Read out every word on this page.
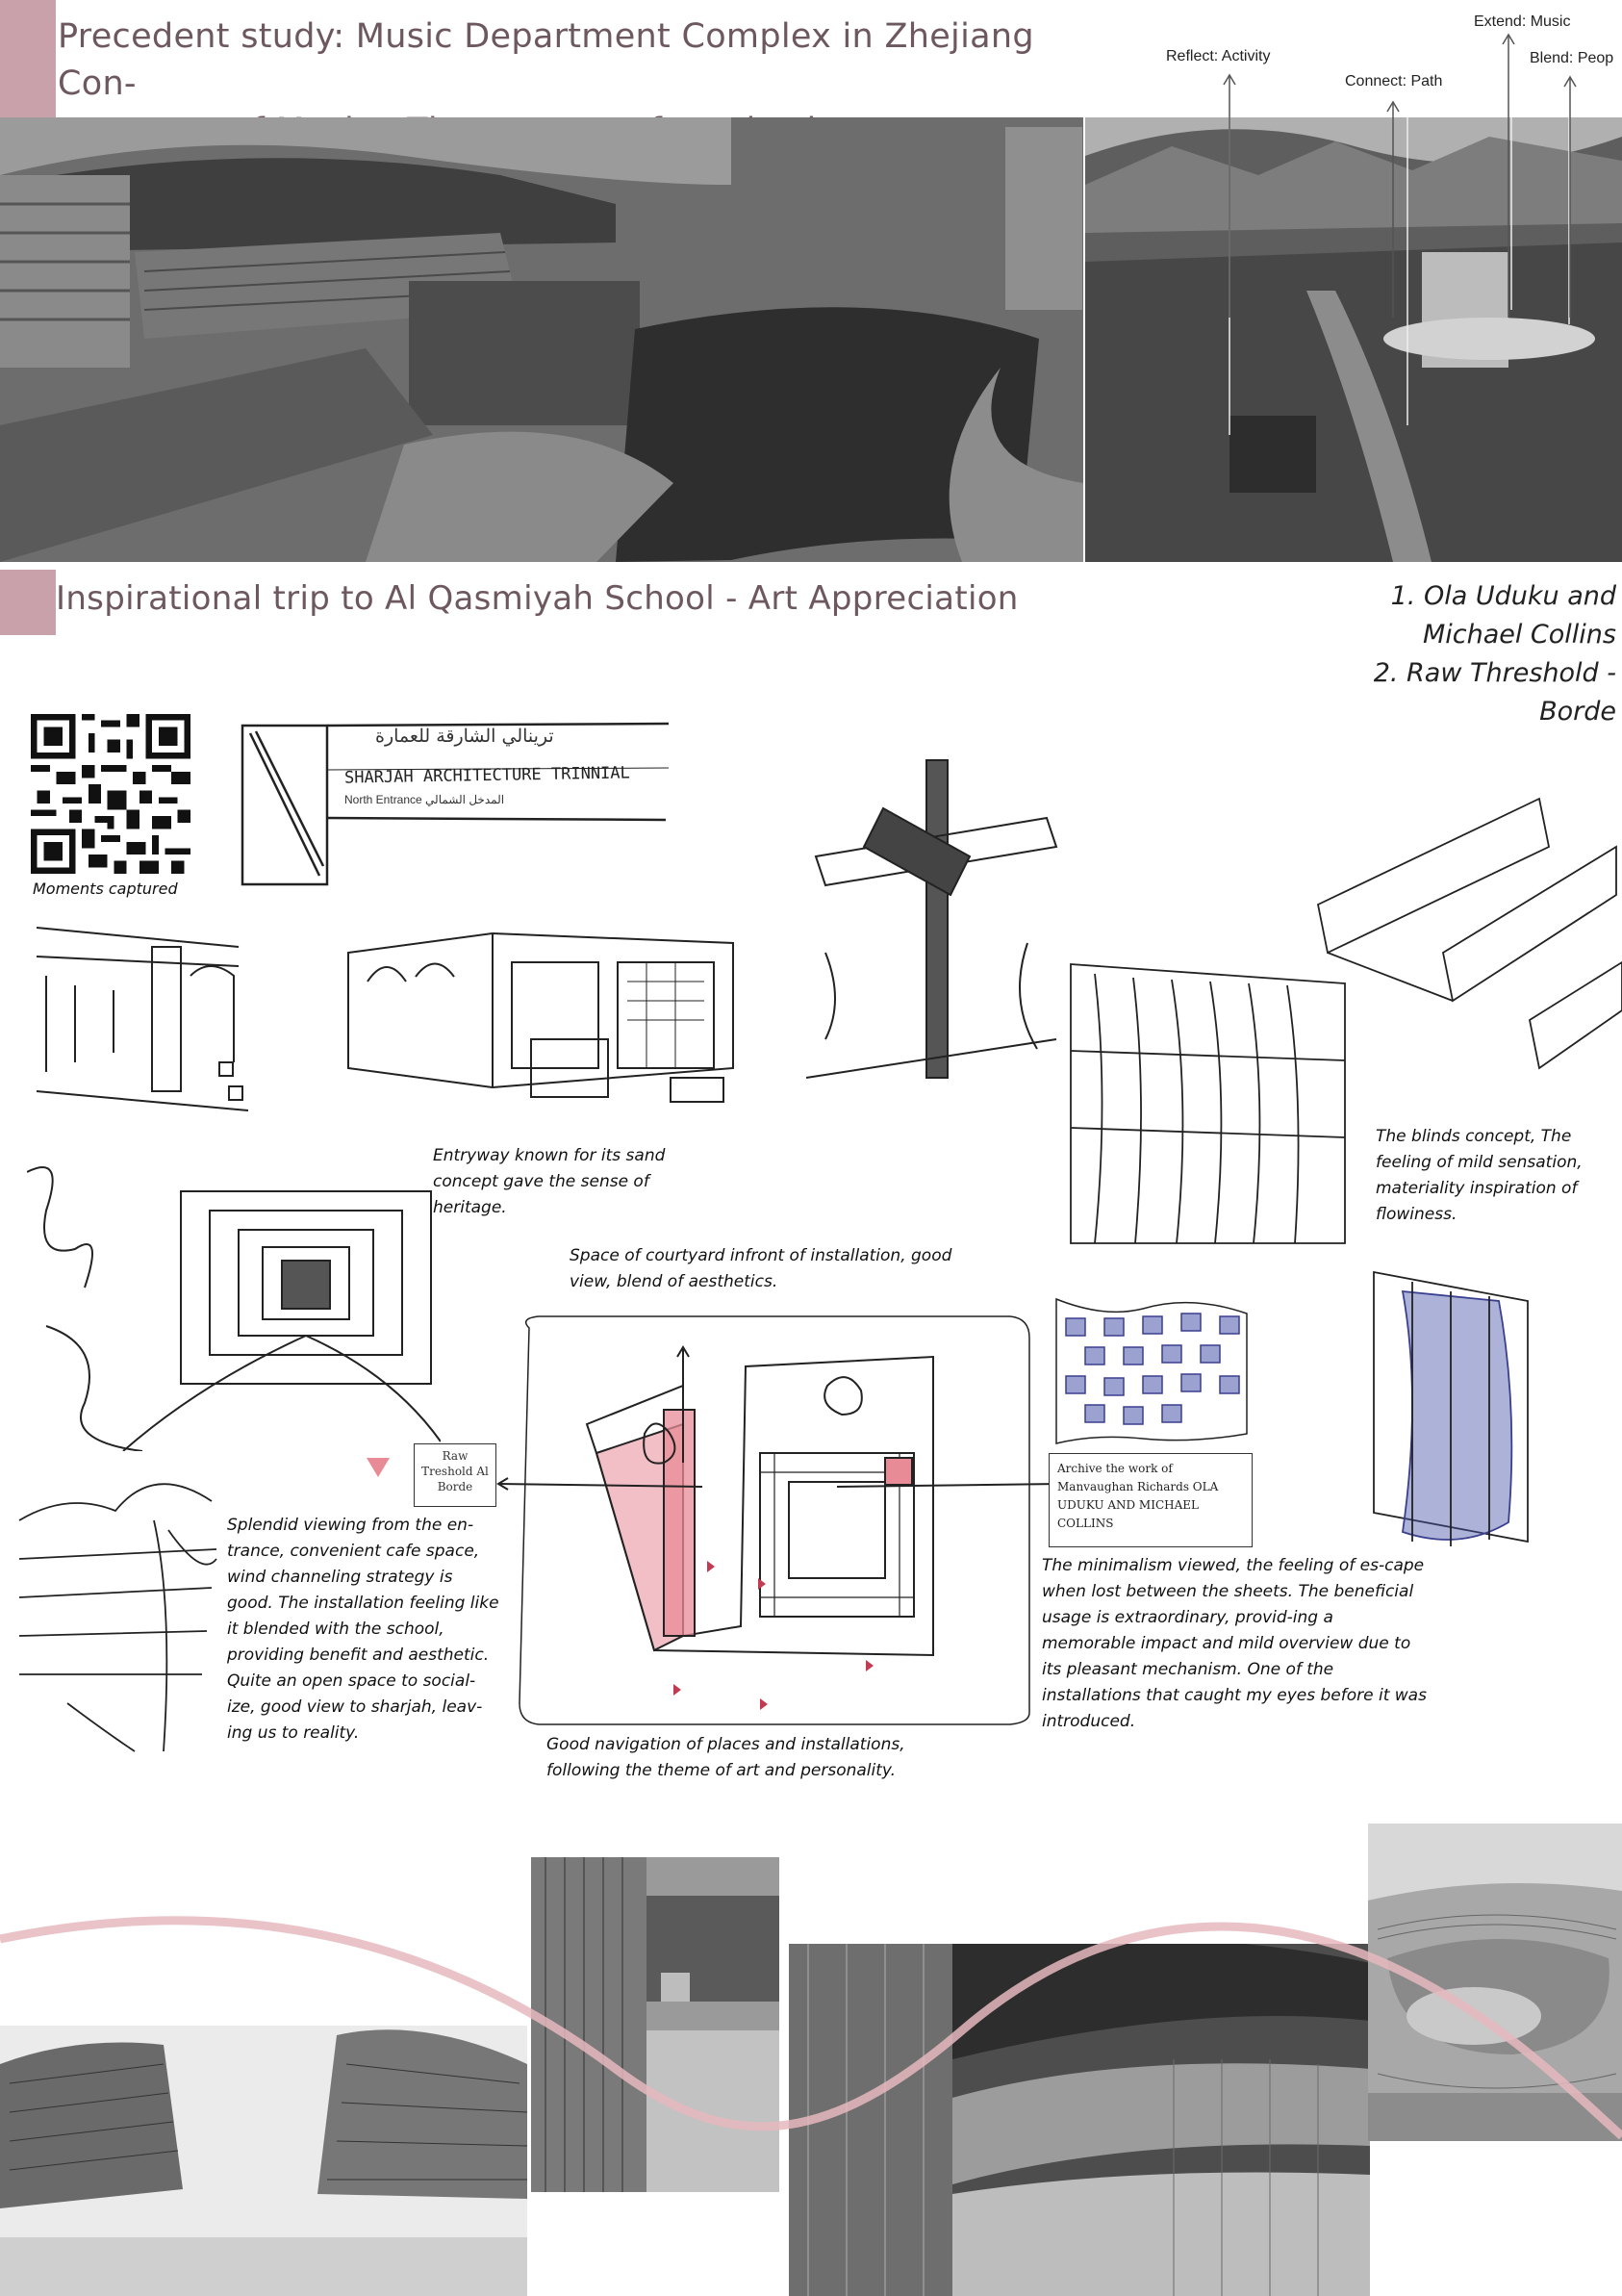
Precedent study: Music Department Complex in Zhejiang Con-
Reflect: Activity
Connect: Path
Extend: Music
Blend: Peop
Inspirational trip to Al Qasmiyah School - Art Appreciation	1. Ola Uduku and
Michael Collins
2. Raw Threshold -
Borde
Moments captured
ترينالي الشارقة للعمارة
SHARJAH ARCHITECTURE TRINNIAL
North Entrance المدخل الشمالي
Entryway known for its sand concept gave the sense of heritage.
The blinds concept, The feeling of mild sensation, materiality inspiration of flowiness.
Raw Treshold Al Borde
Splendid viewing from the en-trance, convenient cafe space, wind channeling strategy is good. The installation feeling like it blended with the school, providing benefit and aesthetic. Quite an open space to social-ize, good view to sharjah, leav-ing us to reality.
Space of courtyard infront of installation, good view, blend of aesthetics.
Good navigation of places and installations, following the theme of art and personality.
Archive the work of Manvaughan Richards OLA UDUKU AND MICHAEL COLLINS
The minimalism viewed, the feeling of es-cape when lost between the sheets. The beneficial usage is extraordinary, provid-ing a memorable impact and mild overview due to its pleasant mechanism. One of the installations that caught my eyes before it was introduced.
